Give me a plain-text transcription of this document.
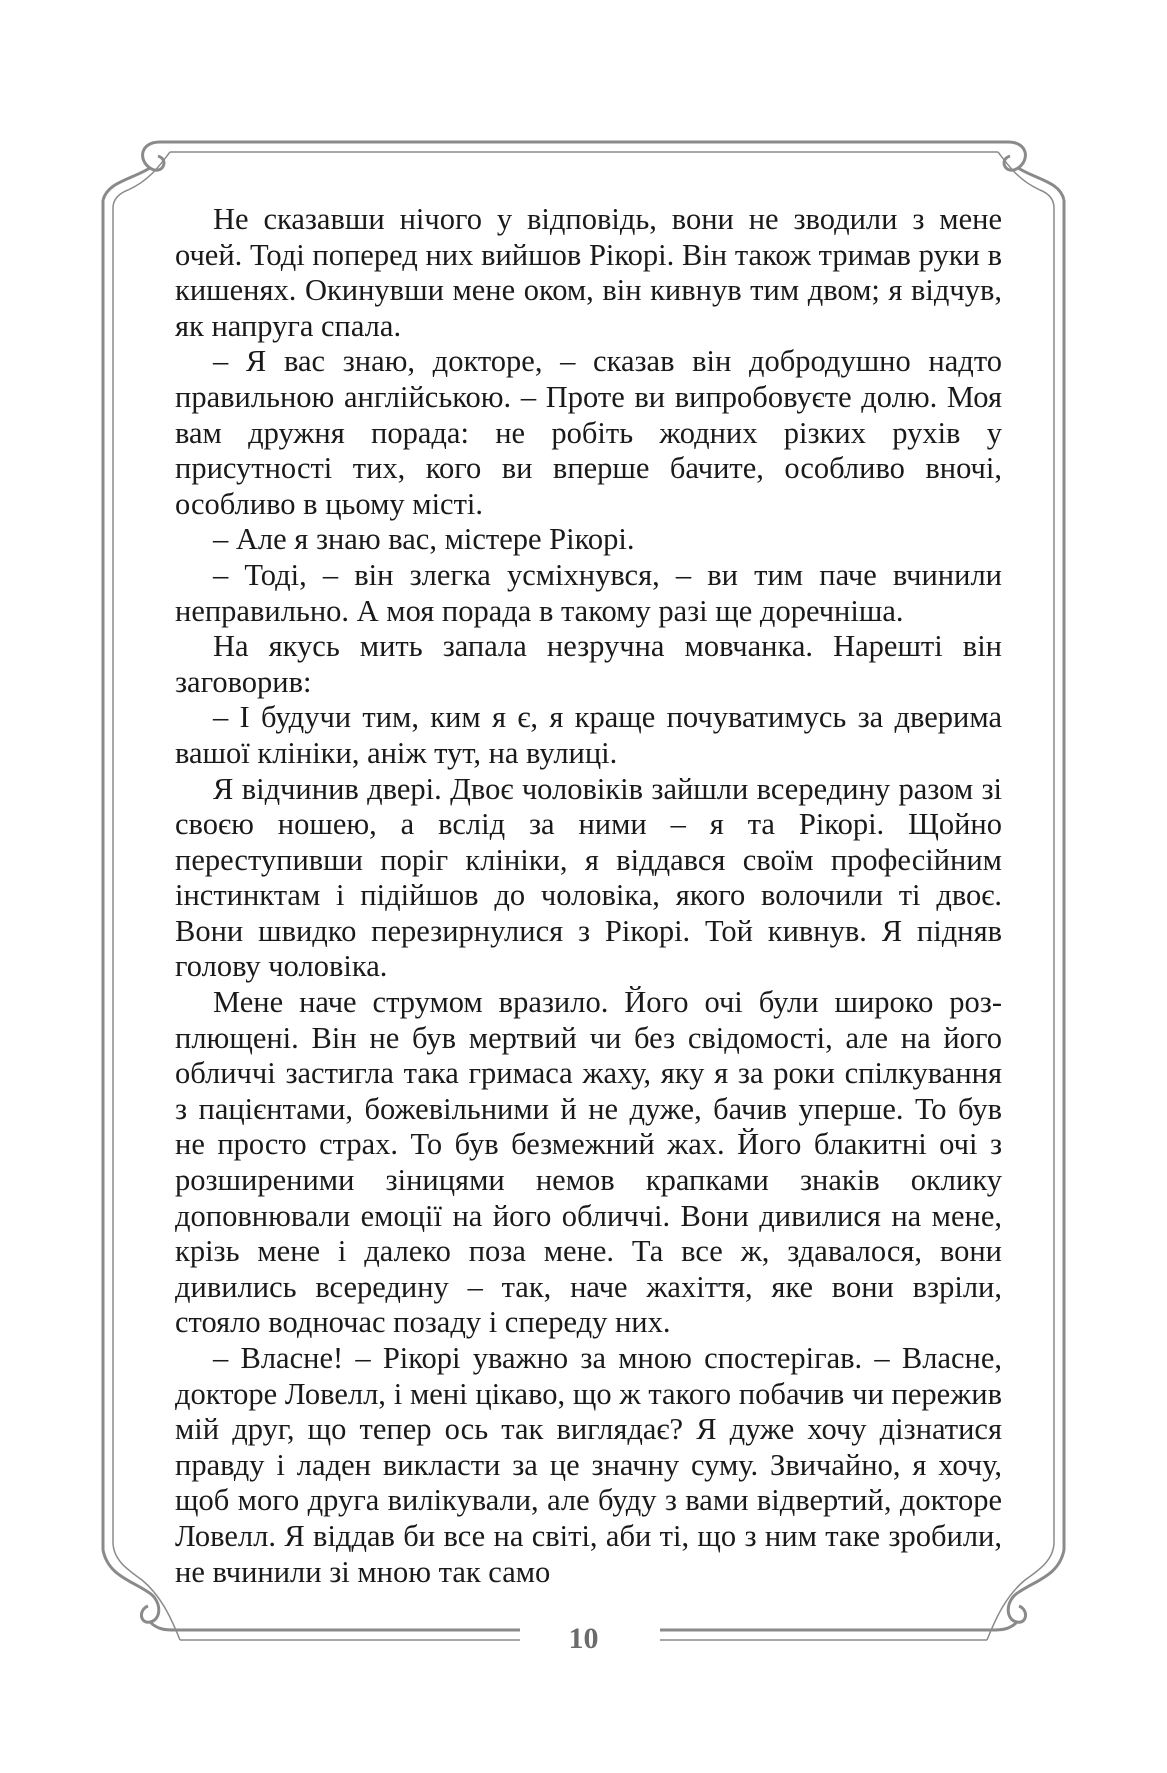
Не сказавши нічого у відповідь, вони не зводили з мене очей. Тоді поперед них вийшов Рікорі. Він також тримав руки в кишенях. Окинувши мене оком, він кивнув тим двом; я відчув, як напруга спала.

– Я вас знаю, докторе, – сказав він добродушно надто правильною англійською. – Проте ви випробовуєте долю. Моя вам дружня порада: не робіть жодних різких рухів у присутності тих, кого ви вперше бачите, особливо вночі, особливо в цьому місті.

– Але я знаю вас, містере Рікорі.

– Тоді, – він злегка усміхнувся, – ви тим паче вчинили неправильно. А моя порада в такому разі ще доречніша.

На якусь мить запала незручна мовчанка. Нарешті він заговорив:

– І будучи тим, ким я є, я краще почуватимусь за дверима вашої клініки, аніж тут, на вулиці.

Я відчинив двері. Двоє чоловіків зайшли всередину разом зі своєю ношею, а вслід за ними – я та Рікорі. Щойно переступивши поріг клініки, я віддався своїм професійним інстинктам і підійшов до чоловіка, якого волочили ті двоє. Вони швидко перезирнулися з Рікорі. Той кивнув. Я підняв голову чоловіка.

Мене наче струмом вразило. Його очі були широко розплющені. Він не був мертвий чи без свідомості, але на його обличчі застигла така гримаса жаху, яку я за роки спілкування з пацієнтами, божевільними й не дуже, бачив уперше. То був не просто страх. То був безмежний жах. Його блакитні очі з розширеними зіницями немов крапками знаків оклику доповнювали емоції на його обличчі. Вони дивилися на мене, крізь мене і далеко поза мене. Та все ж, здавалося, вони дивились всередину – так, наче жахіття, яке вони взріли, стояло водночас позаду і спереду них.

– Власне! – Рікорі уважно за мною спостерігав. – Власне, докторе Ловелл, і мені цікаво, що ж такого побачив чи пережив мій друг, що тепер ось так виглядає? Я дуже хочу дізнатися правду і ладен викласти за це значну суму. Звичайно, я хочу, щоб мого друга вилікували, але буду з вами відвертий, докторе Ловелл. Я віддав би все на світі, аби ті, що з ним таке зробили, не вчинили зі мною так само

10
